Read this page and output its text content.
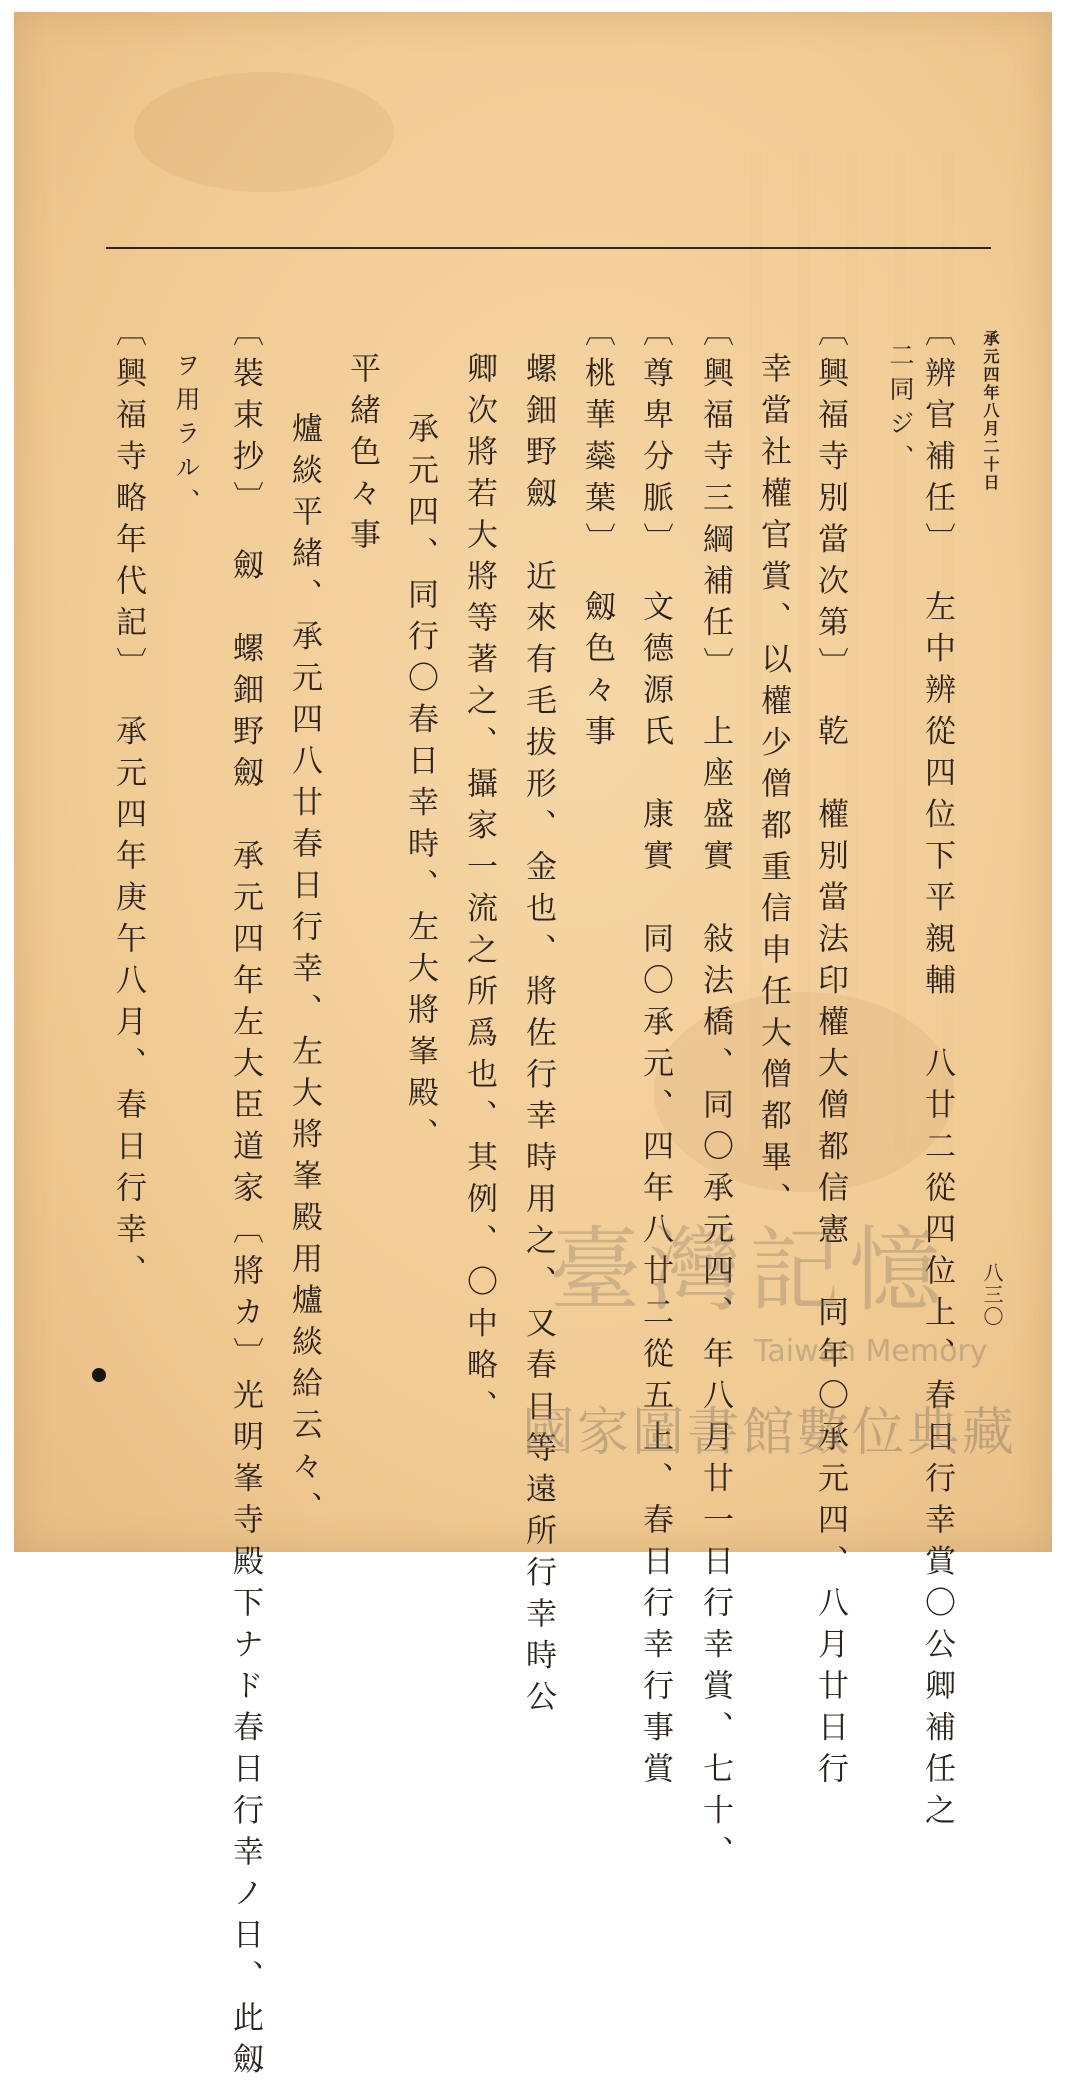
承元四年八月二十日
八三〇
〔辨官補任〕　左中辨從四位下平親輔　八廿二從四位上、春日行幸賞〇公卿補任之
二同ジ、
〔興福寺別當次第〕　乾　權別當法印權大僧都信憲　同年〇承元四、八月廿日行
幸當社權官賞、以權少僧都重信申任大僧都畢、
〔興福寺三綱補任〕　上座盛實　敍法橋、同〇承元四、年八月廿一日行幸賞、七十、
〔尊卑分脈〕　文德源氏　康實　同〇承元、四年八廿二從五上、春日行幸行事賞
〔桃華蘂葉〕　劔色々事
螺鈿野劔　近來有毛拔形、金也、將佐行幸時用之、又春日等遠所行幸時公
卿次將若大將等著之、攝家一流之所爲也、其例、〇中略、
承元四、同行〇春日幸時、左大將峯殿、
平緒色々事
爐緂平緒、承元四八廿春日行幸、左大將峯殿用爐緂給云々、
〔裝束抄〕　劔　螺鈿野劔　承元四年左大臣道家〔將カ〕光明峯寺殿下ナド春日行幸ノ日、此劔
ヲ用ラル、
〔興福寺略年代記〕　承元四年庚午八月、春日行幸、	臺灣記憶
Taiwan Memory
國家圖書館數位典藏
